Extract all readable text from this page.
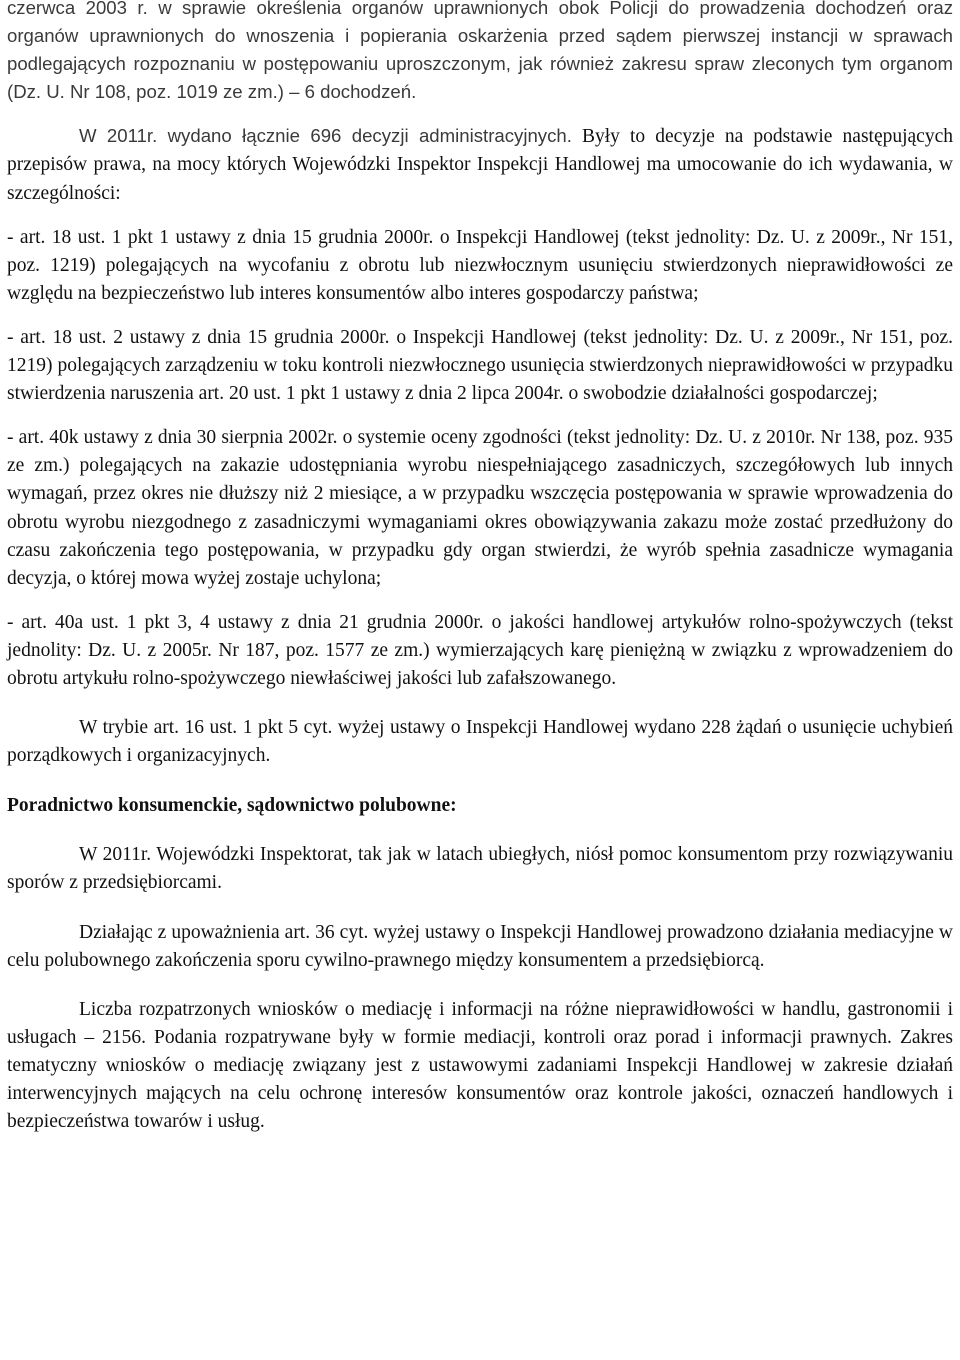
czerwca 2003 r. w sprawie określenia organów uprawnionych obok Policji do prowadzenia dochodzeń oraz organów uprawnionych do wnoszenia i popierania oskarżenia przed sądem pierwszej instancji w sprawach podlegających rozpoznaniu w postępowaniu uproszczonym, jak również zakresu spraw zleconych tym organom (Dz. U. Nr 108, poz. 1019 ze zm.) – 6 dochodzeń.

W 2011r. wydano łącznie 696 decyzji administracyjnych. Były to decyzje na podstawie następujących przepisów prawa, na mocy których Wojewódzki Inspektor Inspekcji Handlowej ma umocowanie do ich wydawania, w szczególności:

- art. 18 ust. 1 pkt 1 ustawy z dnia 15 grudnia 2000r. o Inspekcji Handlowej (tekst jednolity: Dz. U. z 2009r., Nr 151, poz. 1219) polegających na wycofaniu z obrotu lub niezwłocznym usunięciu stwierdzonych nieprawidłowości ze względu na bezpieczeństwo lub interes konsumentów albo interes gospodarczy państwa;

- art. 18 ust. 2 ustawy z dnia 15 grudnia 2000r. o Inspekcji Handlowej (tekst jednolity: Dz. U. z 2009r., Nr 151, poz. 1219) polegających zarządzeniu w toku kontroli niezwłocznego usunięcia stwierdzonych nieprawidłowości w przypadku stwierdzenia naruszenia art. 20 ust. 1 pkt 1 ustawy z dnia 2 lipca 2004r. o swobodzie działalności gospodarczej;

- art. 40k ustawy z dnia 30 sierpnia 2002r. o systemie oceny zgodności (tekst jednolity: Dz. U. z 2010r. Nr 138, poz. 935 ze zm.) polegających na zakazie udostępniania wyrobu niespełniającego zasadniczych, szczegółowych lub innych wymagań, przez okres nie dłuższy niż 2 miesiące, a w przypadku wszczęcia postępowania w sprawie wprowadzenia do obrotu wyrobu niezgodnego z zasadniczymi wymaganiami okres obowiązywania zakazu może zostać przedłużony do czasu zakończenia tego postępowania, w przypadku gdy organ stwierdzi, że wyrób spełnia zasadnicze wymagania decyzja, o której mowa wyżej zostaje uchylona;

- art. 40a ust. 1 pkt 3, 4 ustawy z dnia 21 grudnia 2000r. o jakości handlowej artykułów rolno-spożywczych (tekst jednolity: Dz. U. z 2005r. Nr 187, poz. 1577 ze zm.) wymierzających karę pieniężną w związku z wprowadzeniem do obrotu artykułu rolno-spożywczego niewłaściwej jakości lub zafałszowanego.

W trybie art. 16 ust. 1 pkt 5 cyt. wyżej ustawy o Inspekcji Handlowej wydano 228 żądań o usunięcie uchybień porządkowych i organizacyjnych.

Poradnictwo konsumenckie, sądownictwo polubowne:

W 2011r. Wojewódzki Inspektorat, tak jak w latach ubiegłych, niósł pomoc konsumentom przy rozwiązywaniu sporów z przedsiębiorcami.

Działając z upoważnienia art. 36 cyt. wyżej ustawy o Inspekcji Handlowej prowadzono działania mediacyjne w celu polubownego zakończenia sporu cywilno-prawnego między konsumentem a przedsiębiorcą.

Liczba rozpatrzonych wniosków o mediację i informacji na różne nieprawidłowości w handlu, gastronomii i usługach – 2156. Podania rozpatrywane były w formie mediacji, kontroli oraz porad i informacji prawnych. Zakres tematyczny wniosków o mediację związany jest z ustawowymi zadaniami Inspekcji Handlowej w zakresie działań interwencyjnych mających na celu ochronę interesów konsumentów oraz kontrole jakości, oznaczeń handlowych i bezpieczeństwa towarów i usług.
